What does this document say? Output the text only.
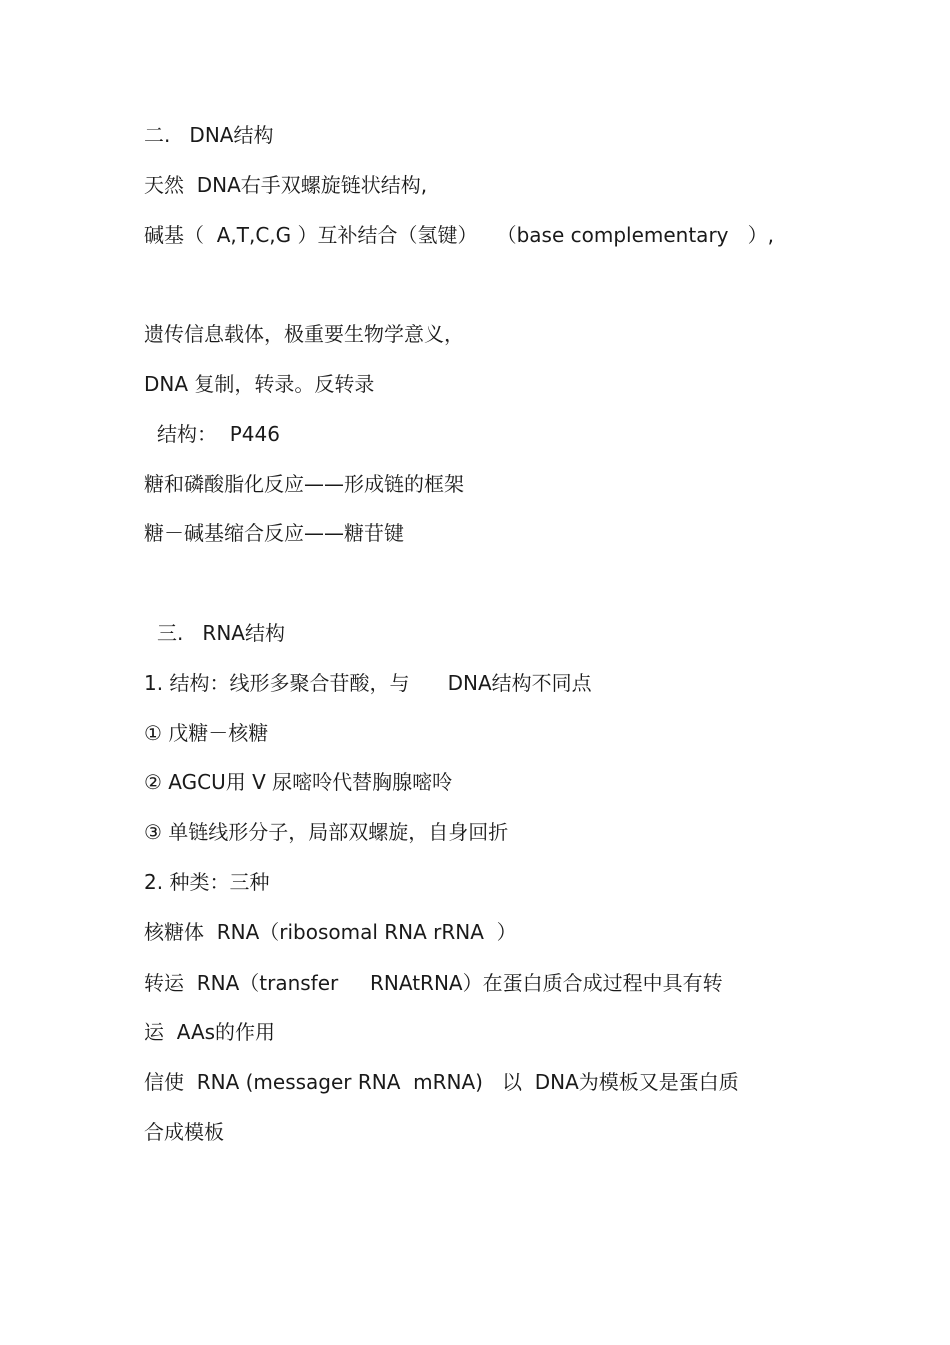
二.   DNA结构
天然  DNA右手双螺旋链状结构,
碱基（  A,T,C,G ）互补结合（氢键）   （base complementary   ）,
遗传信息载体，极重要生物学意义，
DNA 复制，转录。反转录
结构：  P446
糖和磷酸脂化反应——形成链的框架
糖－碱基缩合反应——糖苷键
三.   RNA结构
1. 结构：线形多聚合苷酸，与      DNA结构不同点
① 戊糖－核糖
② AGCU用 V 尿嘧呤代替胸腺嘧呤
③ 单链线形分子，局部双螺旋，自身回折
2. 种类：三种
核糖体  RNA（ribosomal RNA rRNA  ）
转运  RNA（transfer     RNAtRNA）在蛋白质合成过程中具有转
运  AAs的作用
信使  RNA (messager RNA  mRNA)   以  DNA为模板又是蛋白质
合成模板
